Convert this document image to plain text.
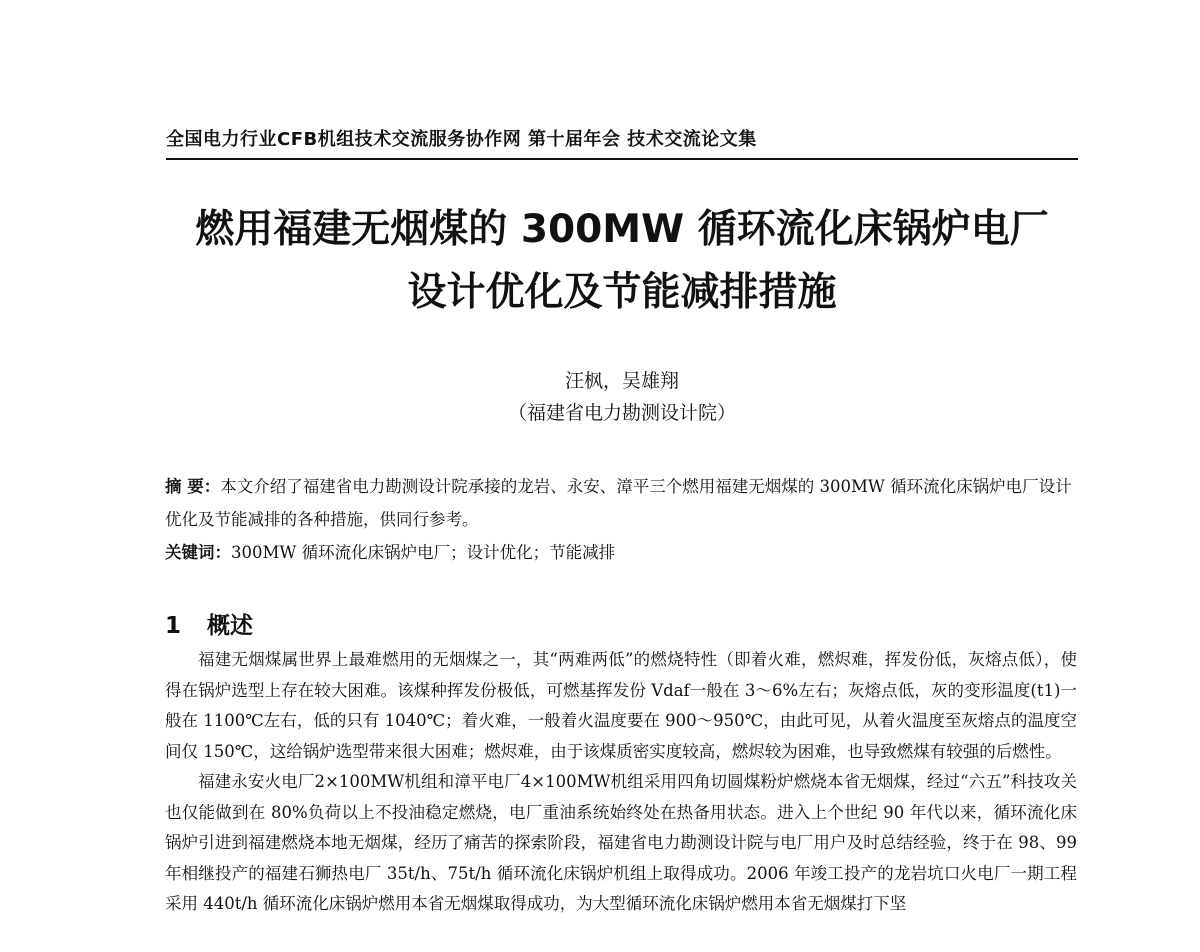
全国电力行业CFB机组技术交流服务协作网 第十届年会 技术交流论文集
燃用福建无烟煤的 300MW 循环流化床锅炉电厂
设计优化及节能减排措施
汪枫，吴雄翔
（福建省电力勘测设计院）

摘 要：本文介绍了福建省电力勘测设计院承接的龙岩、永安、漳平三个燃用福建无烟煤的 300MW 循环流化床锅炉电厂设计优化及节能减排的各种措施，供同行参考。

关键词：300MW 循环流化床锅炉电厂；设计优化；节能减排

1 概述

福建无烟煤属世界上最难燃用的无烟煤之一，其“两难两低”的燃烧特性（即着火难，燃烬难，挥发份低，灰熔点低），使得在锅炉选型上存在较大困难。该煤种挥发份极低，可燃基挥发份 Vdaf一般在 3～6%左右；灰熔点低，灰的变形温度(t1)一般在 1100℃左右，低的只有 1040℃；着火难，一般着火温度要在 900～950℃，由此可见，从着火温度至灰熔点的温度空间仅 150℃，这给锅炉选型带来很大困难；燃烬难，由于该煤质密实度较高，燃烬较为困难，也导致燃煤有较强的后燃性。

福建永安火电厂2×100MW机组和漳平电厂4×100MW机组采用四角切圆煤粉炉燃烧本省无烟煤，经过“六五”科技攻关也仅能做到在 80%负荷以上不投油稳定燃烧，电厂重油系统始终处在热备用状态。进入上个世纪 90 年代以来，循环流化床锅炉引进到福建燃烧本地无烟煤，经历了痛苦的探索阶段，福建省电力勘测设计院与电厂用户及时总结经验，终于在 98、99 年相继投产的福建石狮热电厂 35t/h、75t/h 循环流化床锅炉机组上取得成功。2006 年竣工投产的龙岩坑口火电厂一期工程采用 440t/h 循环流化床锅炉燃用本省无烟煤取得成功，为大型循环流化床锅炉燃用本省无烟煤打下坚
